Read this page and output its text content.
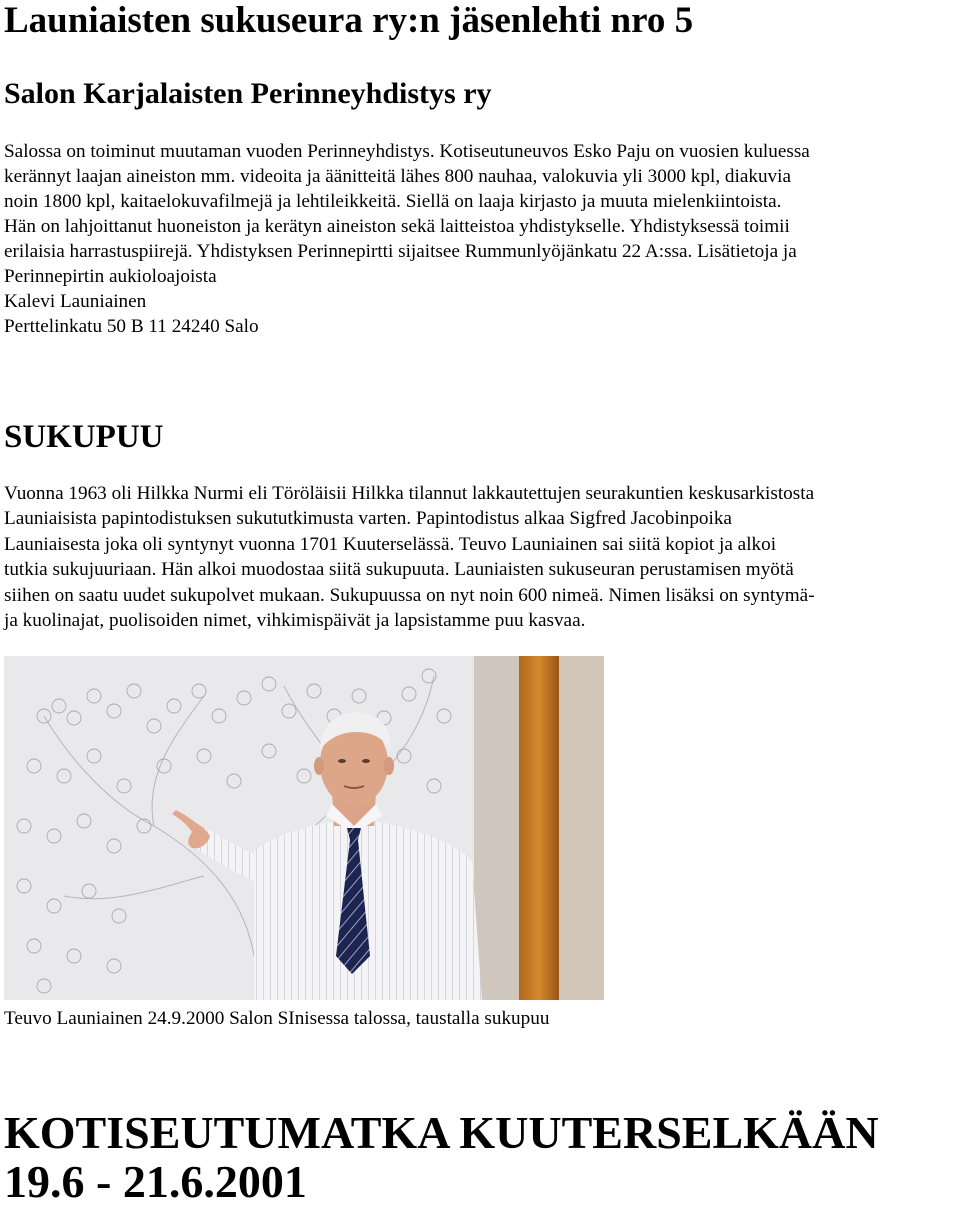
Launiaisten sukuseura ry:n jäsenlehti nro 5
Salon Karjalaisten Perinneyhdistys ry

Salossa on toiminut muutaman vuoden Perinneyhdistys. Kotiseutuneuvos Esko Paju on vuosien kuluessa

kerännyt laajan aineiston mm. videoita ja äänitteitä lähes 800 nauhaa, valokuvia yli 3000 kpl, diakuvia

noin 1800 kpl, kaitaelokuvafilmejä ja lehtileikkeitä. Siellä on laaja kirjasto ja muuta mielenkiintoista.

Hän on lahjoittanut huoneiston ja kerätyn aineiston sekä laitteistoa yhdistykselle. Yhdistyksessä toimii

erilaisia harrastuspiirejä. Yhdistyksen Perinnepirtti sijaitsee Rummunlyöjänkatu 22 A:ssa. Lisätietoja ja

Perinnepirtin aukioloajoista

Kalevi Launiainen

Perttelinkatu 50 B 11 24240 Salo

SUKUPUU

Vuonna 1963 oli Hilkka Nurmi eli Töröläisii Hilkka tilannut lakkautettujen seurakuntien keskusarkistosta

Launiaisista papintodistuksen sukututkimusta varten. Papintodistus alkaa Sigfred Jacobinpoika

Launiaisesta joka oli syntynyt vuonna 1701 Kuuterselässä. Teuvo Launiainen sai siitä kopiot ja alkoi

tutkia sukujuuriaan. Hän alkoi muodostaa siitä sukupuuta. Launiaisten sukuseuran perustamisen myötä

siihen on saatu uudet sukupolvet mukaan. Sukupuussa on nyt noin 600 nimeä. Nimen lisäksi on syntymä-

ja kuolinajat, puolisoiden nimet, vihkimispäivät ja lapsistamme puu kasvaa.

Teuvo Launiainen 24.9.2000 Salon SInisessa talossa, taustalla sukupuu

KOTISEUTUMATKA KUUTERSELKÄÄN 19.6 - 21.6.2001
